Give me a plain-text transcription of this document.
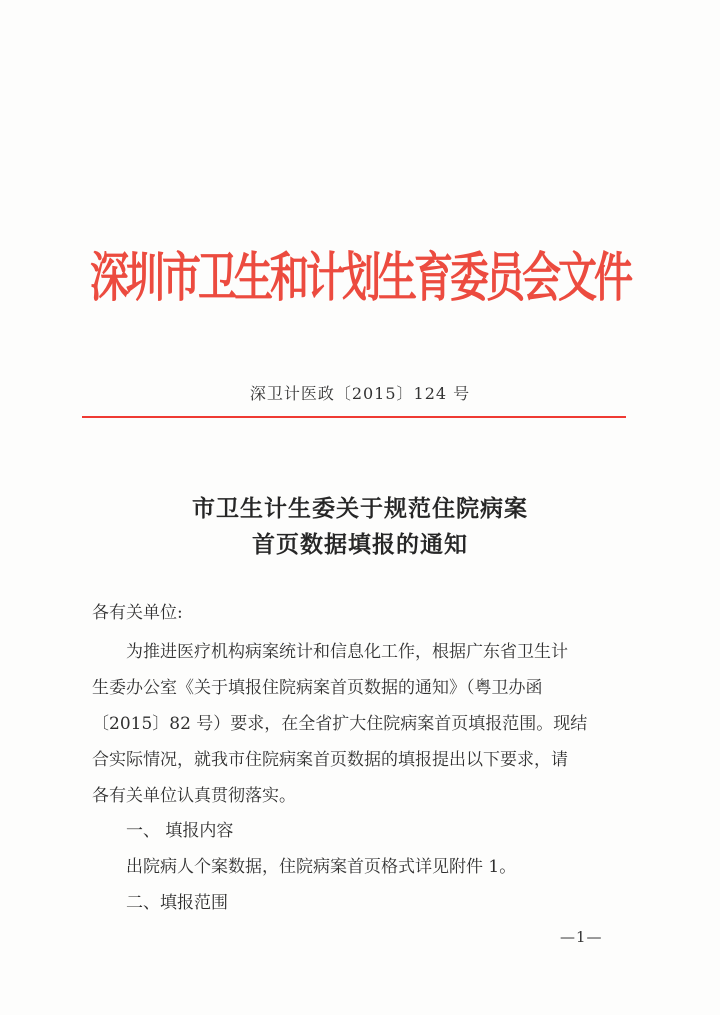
深圳市卫生和计划生育委员会文件
深卫计医政〔2015〕124 号
市卫生计生委关于规范住院病案
首页数据填报的通知
各有关单位:
为推进医疗机构病案统计和信息化工作，根据广东省卫生计
生委办公室《关于填报住院病案首页数据的通知》（粤卫办函
〔2015〕82 号）要求，在全省扩大住院病案首页填报范围。现结
合实际情况，就我市住院病案首页数据的填报提出以下要求，请
各有关单位认真贯彻落实。
一、 填报内容
出院病人个案数据，住院病案首页格式详见附件 1。
二、填报范围
—1—
